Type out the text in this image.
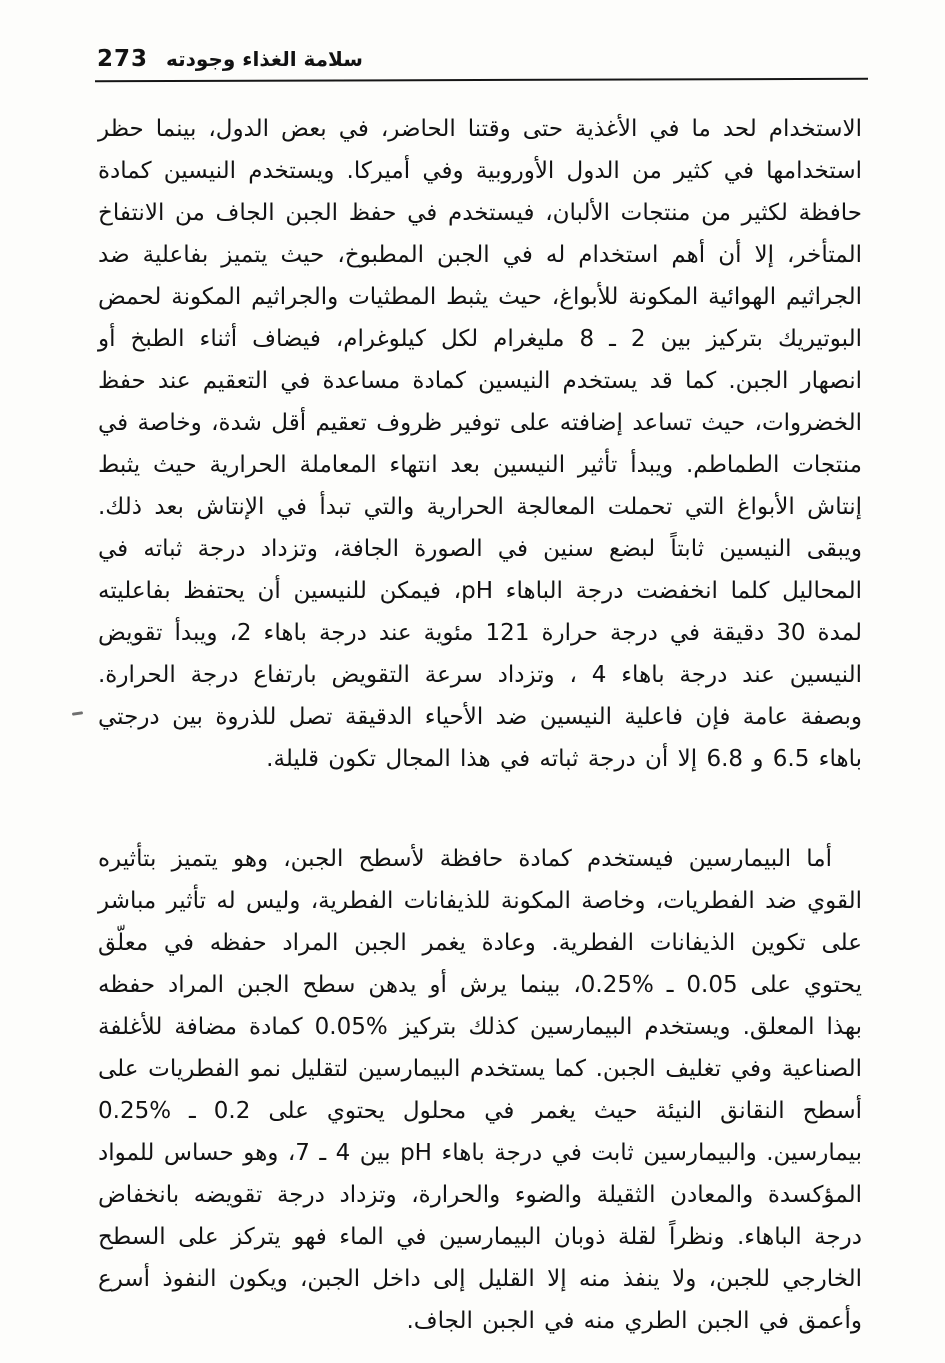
273 سلامة الغذاء وجودته

الاستخدام لحد ما في الأغذية حتى وقتنا الحاضر، في بعض الدول، بينما حظر استخدامها في كثير من الدول الأوروبية وفي أميركا. ويستخدم النيسين كمادة حافظة لكثير من منتجات الألبان، فيستخدم في حفظ الجبن الجاف من الانتفاخ المتأخر، إلا أن أهم استخدام له في الجبن المطبوخ، حيث يتميز بفاعلية ضد الجراثيم الهوائية المكونة للأبواغ، حيث يثبط المطثيات والجراثيم المكونة لحمض البوتيريك بتركيز بين 2 ـ 8 مليغرام لكل كيلوغرام، فيضاف أثناء الطبخ أو انصهار الجبن. كما قد يستخدم النيسين كمادة مساعدة في التعقيم عند حفظ الخضروات، حيث تساعد إضافته على توفير ظروف تعقيم أقل شدة، وخاصة في منتجات الطماطم. ويبدأ تأثير النيسين بعد انتهاء المعاملة الحرارية حيث يثبط إنتاش الأبواغ التي تحملت المعالجة الحرارية والتي تبدأ في الإنتاش بعد ذلك. ويبقى النيسين ثابتاً لبضع سنين في الصورة الجافة، وتزداد درجة ثباته في المحاليل كلما انخفضت درجة الباهاء pH، فيمكن للنيسين أن يحتفظ بفاعليته لمدة 30 دقيقة في درجة حرارة 121 مئوية عند درجة باهاء 2، ويبدأ تقويض النيسين عند درجة باهاء 4 ، وتزداد سرعة التقويض بارتفاع درجة الحرارة. وبصفة عامة فإن فاعلية النيسين ضد الأحياء الدقيقة تصل للذروة بين درجتي باهاء 6.5 و 6.8 إلا أن درجة ثباته في هذا المجال تكون قليلة.

أما البيمارسين فيستخدم كمادة حافظة لأسطح الجبن، وهو يتميز بتأثيره القوي ضد الفطريات، وخاصة المكونة للذيفانات الفطرية، وليس له تأثير مباشر على تكوين الذيفانات الفطرية. وعادة يغمر الجبن المراد حفظه في معلّق يحتوي على 0.05 ـ %0.25، بينما يرش أو يدهن سطح الجبن المراد حفظه بهذا المعلق. ويستخدم البيمارسين كذلك بتركيز %0.05 كمادة مضافة للأغلفة الصناعية وفي تغليف الجبن. كما يستخدم البيمارسين لتقليل نمو الفطريات على أسطح النقانق النيئة حيث يغمر في محلول يحتوي على 0.2 ـ %0.25 بيمارسين. والبيمارسين ثابت في درجة باهاء pH بين 4 ـ 7، وهو حساس للمواد المؤكسدة والمعادن الثقيلة والضوء والحرارة، وتزداد درجة تقويضه بانخفاض درجة الباهاء. ونظراً لقلة ذوبان البيمارسين في الماء فهو يتركز على السطح الخارجي للجبن، ولا ينفذ منه إلا القليل إلى داخل الجبن، ويكون النفوذ أسرع وأعمق في الجبن الطري منه في الجبن الجاف.
